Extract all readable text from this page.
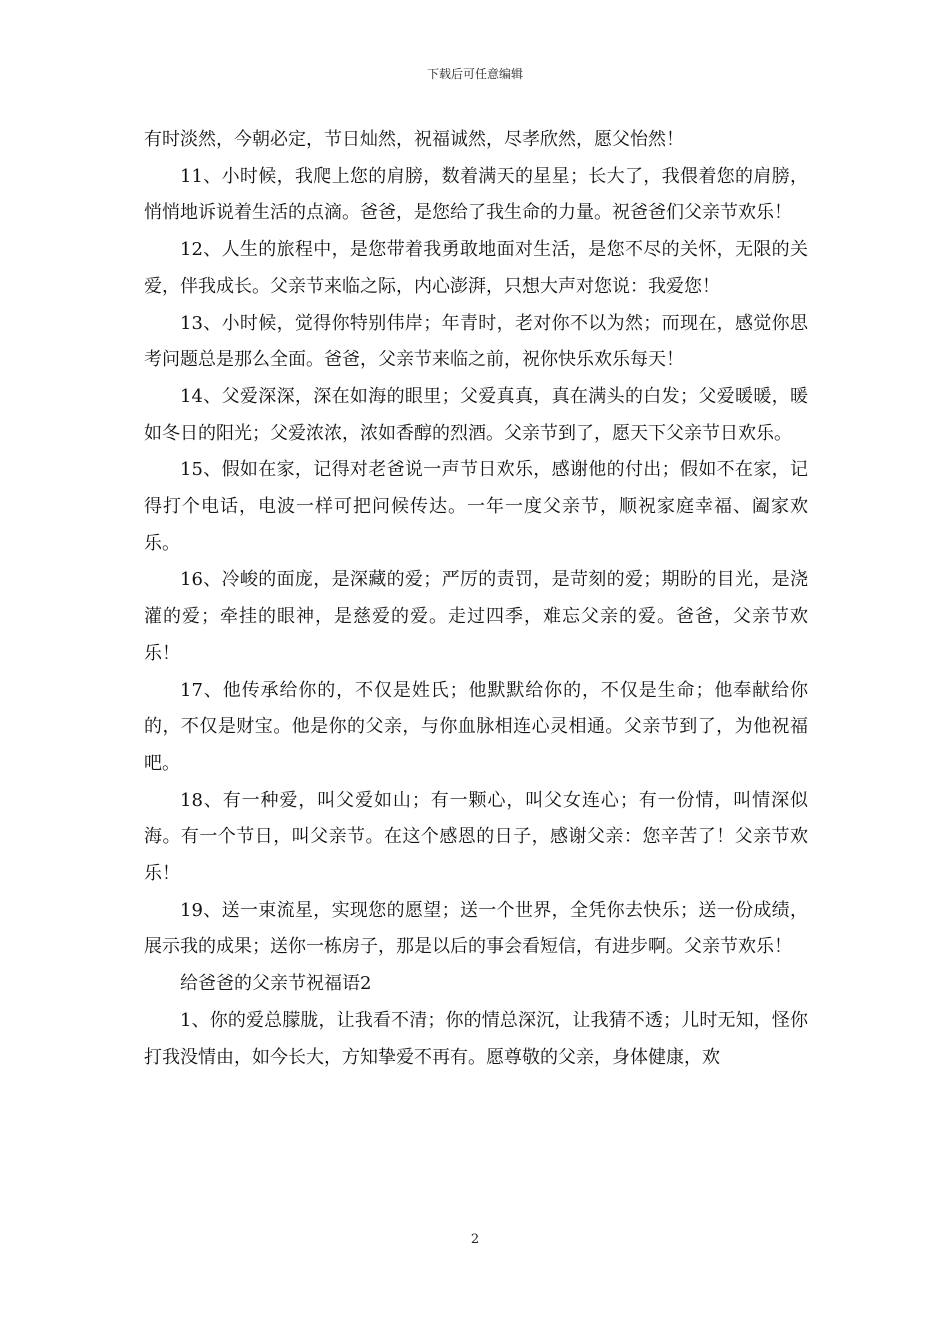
下载后可任意编辑

有时淡然，今朝必定，节日灿然，祝福诚然，尽孝欣然，愿父怡然！

11、小时候，我爬上您的肩膀，数着满天的星星；长大了，我偎着您的肩膀，悄悄地诉说着生活的点滴。爸爸，是您给了我生命的力量。祝爸爸们父亲节欢乐！

12、人生的旅程中，是您带着我勇敢地面对生活，是您不尽的关怀，无限的关爱，伴我成长。父亲节来临之际，内心澎湃，只想大声对您说：我爱您！

13、小时候，觉得你特别伟岸；年青时，老对你不以为然；而现在，感觉你思考问题总是那么全面。爸爸，父亲节来临之前，祝你快乐欢乐每天！

14、父爱深深，深在如海的眼里；父爱真真，真在满头的白发；父爱暖暖，暖如冬日的阳光；父爱浓浓，浓如香醇的烈酒。父亲节到了，愿天下父亲节日欢乐。

15、假如在家，记得对老爸说一声节日欢乐，感谢他的付出；假如不在家，记得打个电话，电波一样可把问候传达。一年一度父亲节，顺祝家庭幸福、阖家欢乐。

16、冷峻的面庞，是深藏的爱；严厉的责罚，是苛刻的爱；期盼的目光，是浇灌的爱；牵挂的眼神，是慈爱的爱。走过四季，难忘父亲的爱。爸爸，父亲节欢乐！

17、他传承给你的，不仅是姓氏；他默默给你的，不仅是生命；他奉献给你的，不仅是财宝。他是你的父亲，与你血脉相连心灵相通。父亲节到了，为他祝福吧。

18、有一种爱，叫父爱如山；有一颗心，叫父女连心；有一份情，叫情深似海。有一个节日，叫父亲节。在这个感恩的日子，感谢父亲：您辛苦了！父亲节欢乐！

19、送一束流星，实现您的愿望；送一个世界，全凭你去快乐；送一份成绩，展示我的成果；送你一栋房子，那是以后的事会看短信，有进步啊。父亲节欢乐！

给爸爸的父亲节祝福语2

1、你的爱总朦胧，让我看不清；你的情总深沉，让我猜不透；儿时无知，怪你打我没情由，如今长大，方知挚爱不再有。愿尊敬的父亲，身体健康，欢

2
